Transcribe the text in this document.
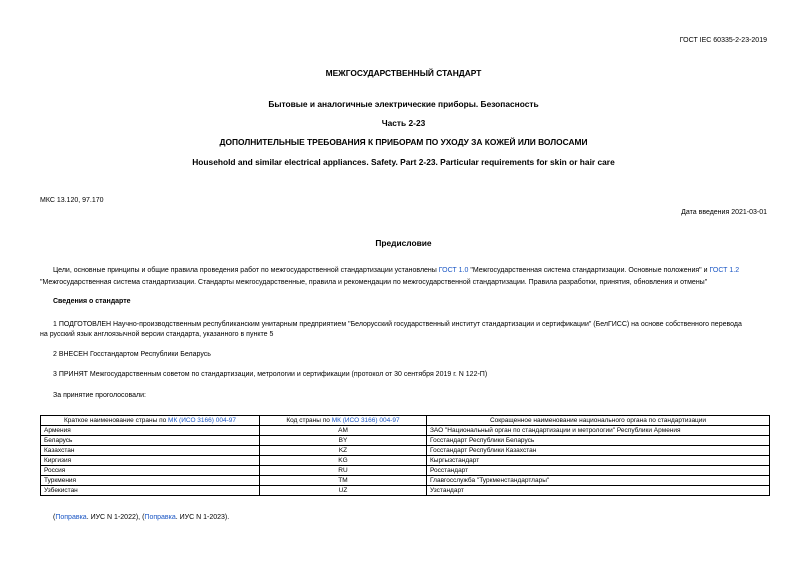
ГОСТ IEC 60335-2-23-2019
МЕЖГОСУДАРСТВЕННЫЙ СТАНДАРТ
Бытовые и аналогичные электрические приборы. Безопасность
Часть 2-23
ДОПОЛНИТЕЛЬНЫЕ ТРЕБОВАНИЯ К ПРИБОРАМ ПО УХОДУ ЗА КОЖЕЙ ИЛИ ВОЛОСАМИ
Household and similar electrical appliances. Safety. Part 2-23. Particular requirements for skin or hair care
МКС 13.120, 97.170
Дата введения 2021-03-01
Предисловие
Цели, основные принципы и общие правила проведения работ по межгосударственной стандартизации установлены ГОСТ 1.0 "Межгосударственная система стандартизации. Основные положения" и ГОСТ 1.2
"Межгосударственная система стандартизации. Стандарты межгосударственные, правила и рекомендации по межгосударственной стандартизации. Правила разработки, принятия, обновления и отмены"
Сведения о стандарте
1 ПОДГОТОВЛЕН Научно-производственным республиканским унитарным предприятием "Белорусский государственный институт стандартизации и сертификации" (БелГИСС) на основе собственного перевода
на русский язык англоязычной версии стандарта, указанного в пункте 5
2 ВНЕСЕН Госстандартом Республики Беларусь
3 ПРИНЯТ Межгосударственным советом по стандартизации, метрологии и сертификации (протокол от 30 сентября 2019 г. N 122-П)
За принятие проголосовали:
Краткое наименование страны по МК (ИСО 3166) 004-97	Код страны по МК (ИСО 3166) 004-97	Сокращенное наименование национального органа по стандартизации
Армения	AM	ЗАО "Национальный орган по стандартизации и метрологии" Республики Армения
Беларусь	BY	Госстандарт Республики Беларусь
Казахстан	KZ	Госстандарт Республики Казахстан
Киргизия	KG	Кыргызстандарт
Россия	RU	Росстандарт
Туркмения	TM	Главгосслужба "Туркменстандартлары"
Узбекистан	UZ	Узстандарт
(Поправка. ИУС N 1-2022), (Поправка. ИУС N 1-2023).
